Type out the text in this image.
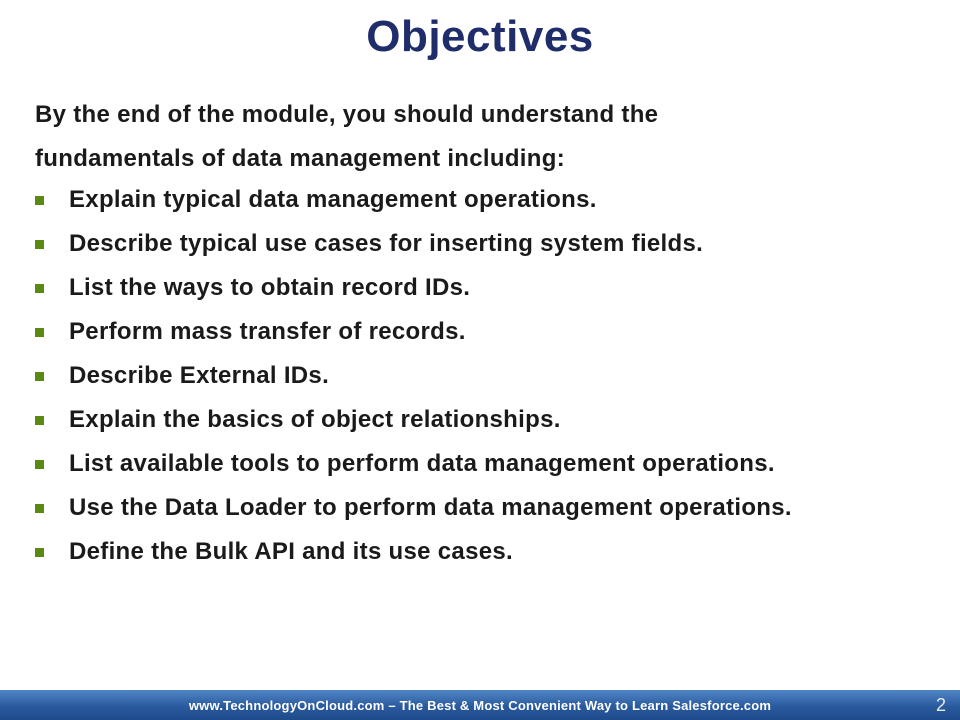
Objectives
By the end of the module, you should understand the
fundamentals of data management including:
Explain typical data management operations.
Describe typical use cases for inserting system fields.
List the ways to obtain record IDs.
Perform mass transfer of records.
Describe External IDs.
Explain the basics of object relationships.
List available tools to perform data management operations.
Use the Data Loader to perform data management operations.
Define the Bulk API and its use cases.
www.TechnologyOnCloud.com – The Best & Most Convenient Way to Learn Salesforce.com	2
